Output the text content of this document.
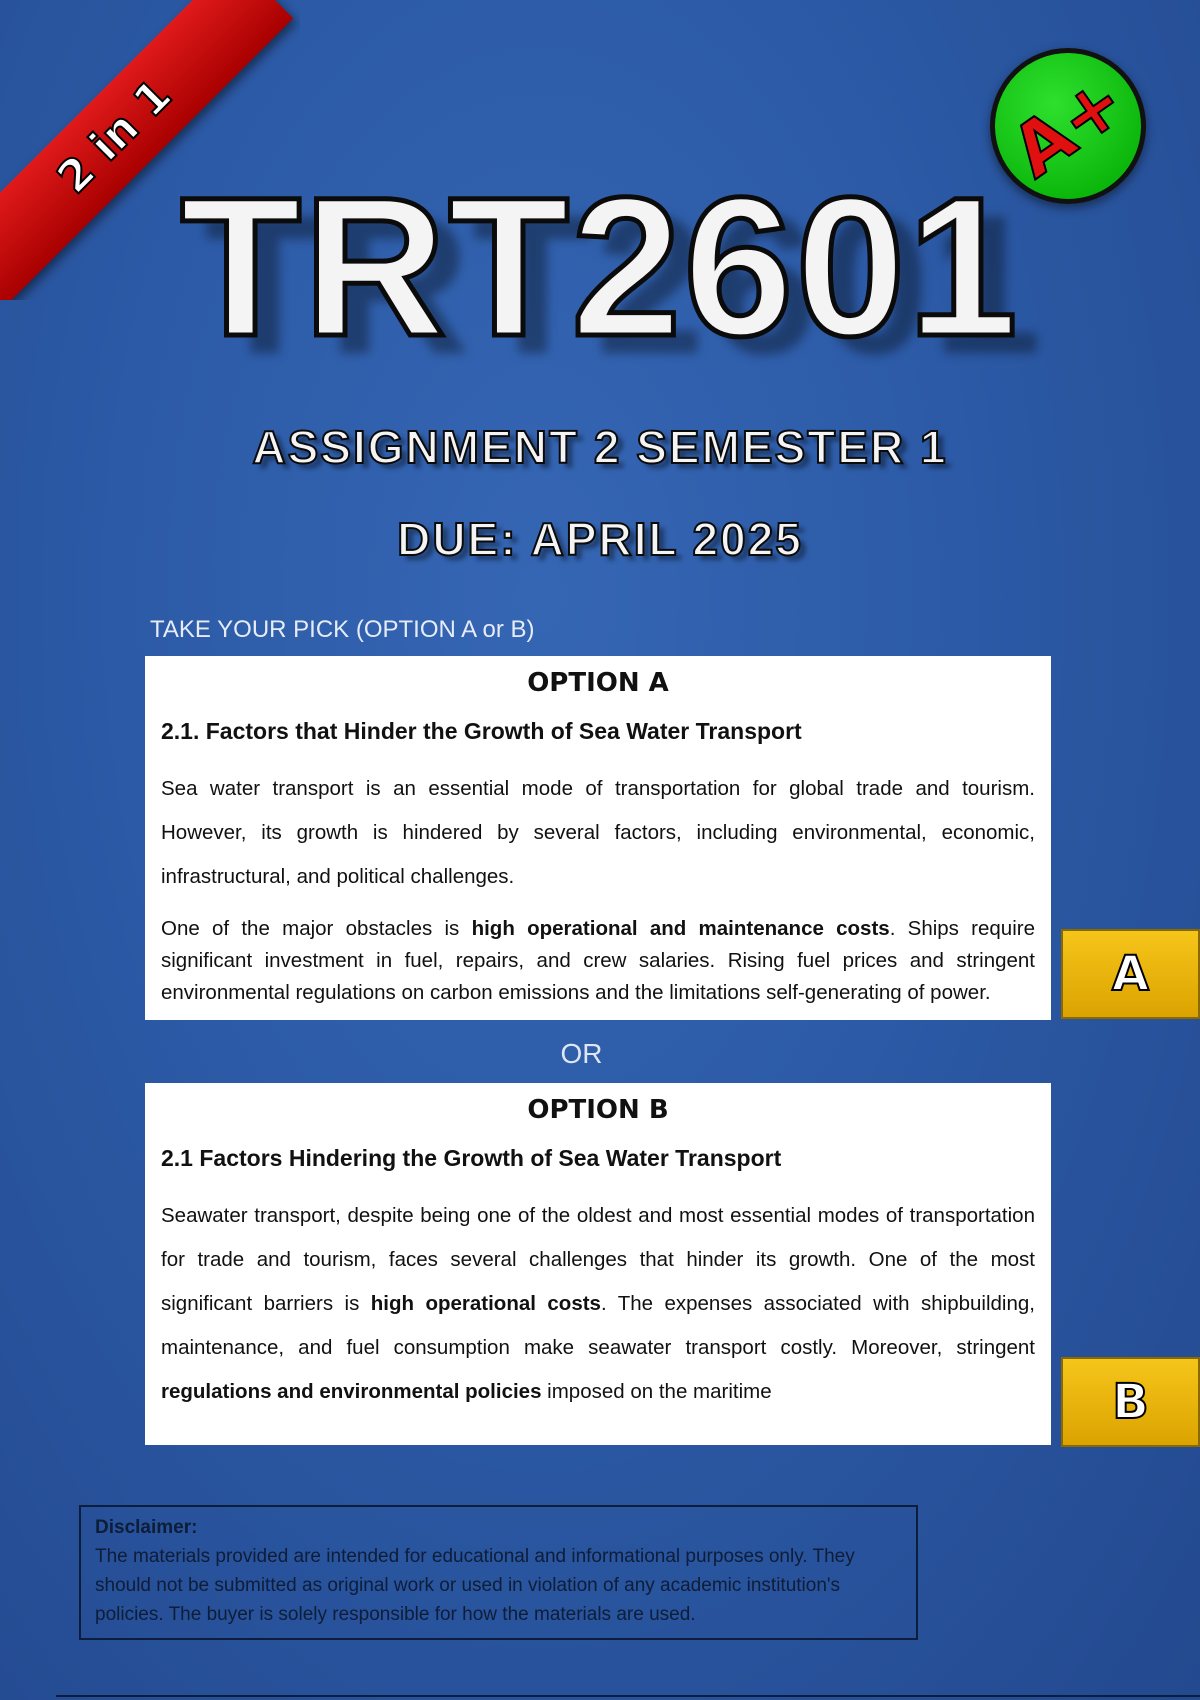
2 in 1	A+
TRT2601
ASSIGNMENT 2 SEMESTER 1
DUE: APRIL 2025
TAKE YOUR PICK (OPTION A or B)
OPTION A
2.1. Factors that Hinder the Growth of Sea Water Transport

Sea water transport is an essential mode of transportation for global trade and tourism. However, its growth is hindered by several factors, including environmental, economic, infrastructural, and political challenges.

One of the major obstacles is high operational and maintenance costs. Ships require significant investment in fuel, repairs, and crew salaries. Rising fuel prices and stringent environmental regulations on carbon emissions and the limitations self-generating of power.

OR
OPTION B
2.1 Factors Hindering the Growth of Sea Water Transport

Seawater transport, despite being one of the oldest and most essential modes of transportation for trade and tourism, faces several challenges that hinder its growth. One of the most significant barriers is high operational costs. The expenses associated with shipbuilding, maintenance, and fuel consumption make seawater transport costly. Moreover, stringent regulations and environmental policies imposed on the maritime

A
B
Disclaimer:
The materials provided are intended for educational and informational purposes only. They should not be submitted as original work or used in violation of any academic institution's policies. The buyer is solely responsible for how the materials are used.
